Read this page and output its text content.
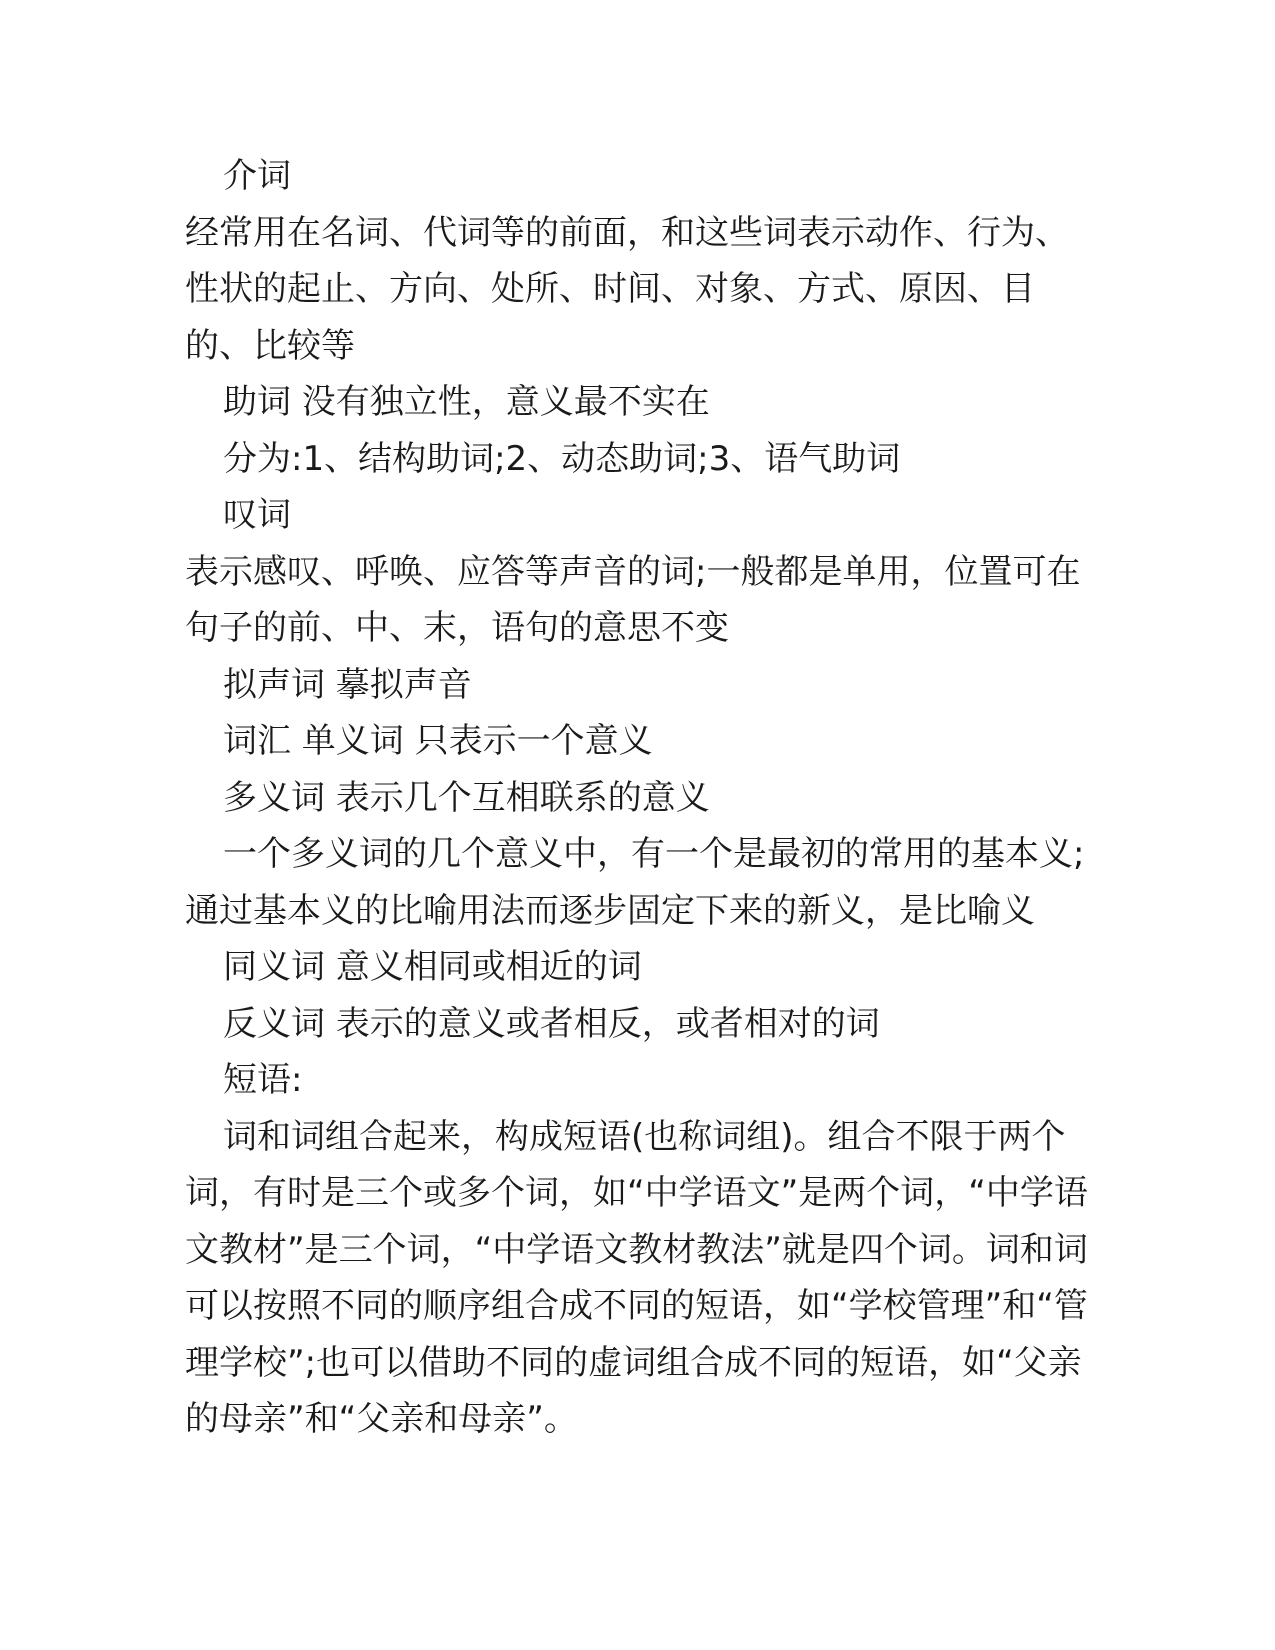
介词

经常用在名词、代词等的前面，和这些词表示动作、行为、性状的起止、方向、处所、时间、对象、方式、原因、目的、比较等

助词 没有独立性，意义最不实在

分为:1、结构助词;2、动态助词;3、语气助词

叹词

表示感叹、呼唤、应答等声音的词;一般都是单用，位置可在句子的前、中、末，语句的意思不变

拟声词 摹拟声音

词汇 单义词 只表示一个意义

多义词 表示几个互相联系的意义

一个多义词的几个意义中，有一个是最初的常用的基本义;通过基本义的比喻用法而逐步固定下来的新义，是比喻义

同义词 意义相同或相近的词

反义词 表示的意义或者相反，或者相对的词

短语:

词和词组合起来，构成短语(也称词组)。组合不限于两个词，有时是三个或多个词，如“中学语文”是两个词，“中学语文教材”是三个词，“中学语文教材教法”就是四个词。词和词可以按照不同的顺序组合成不同的短语，如“学校管理”和“管理学校”;也可以借助不同的虚词组合成不同的短语，如“父亲的母亲”和“父亲和母亲”。
